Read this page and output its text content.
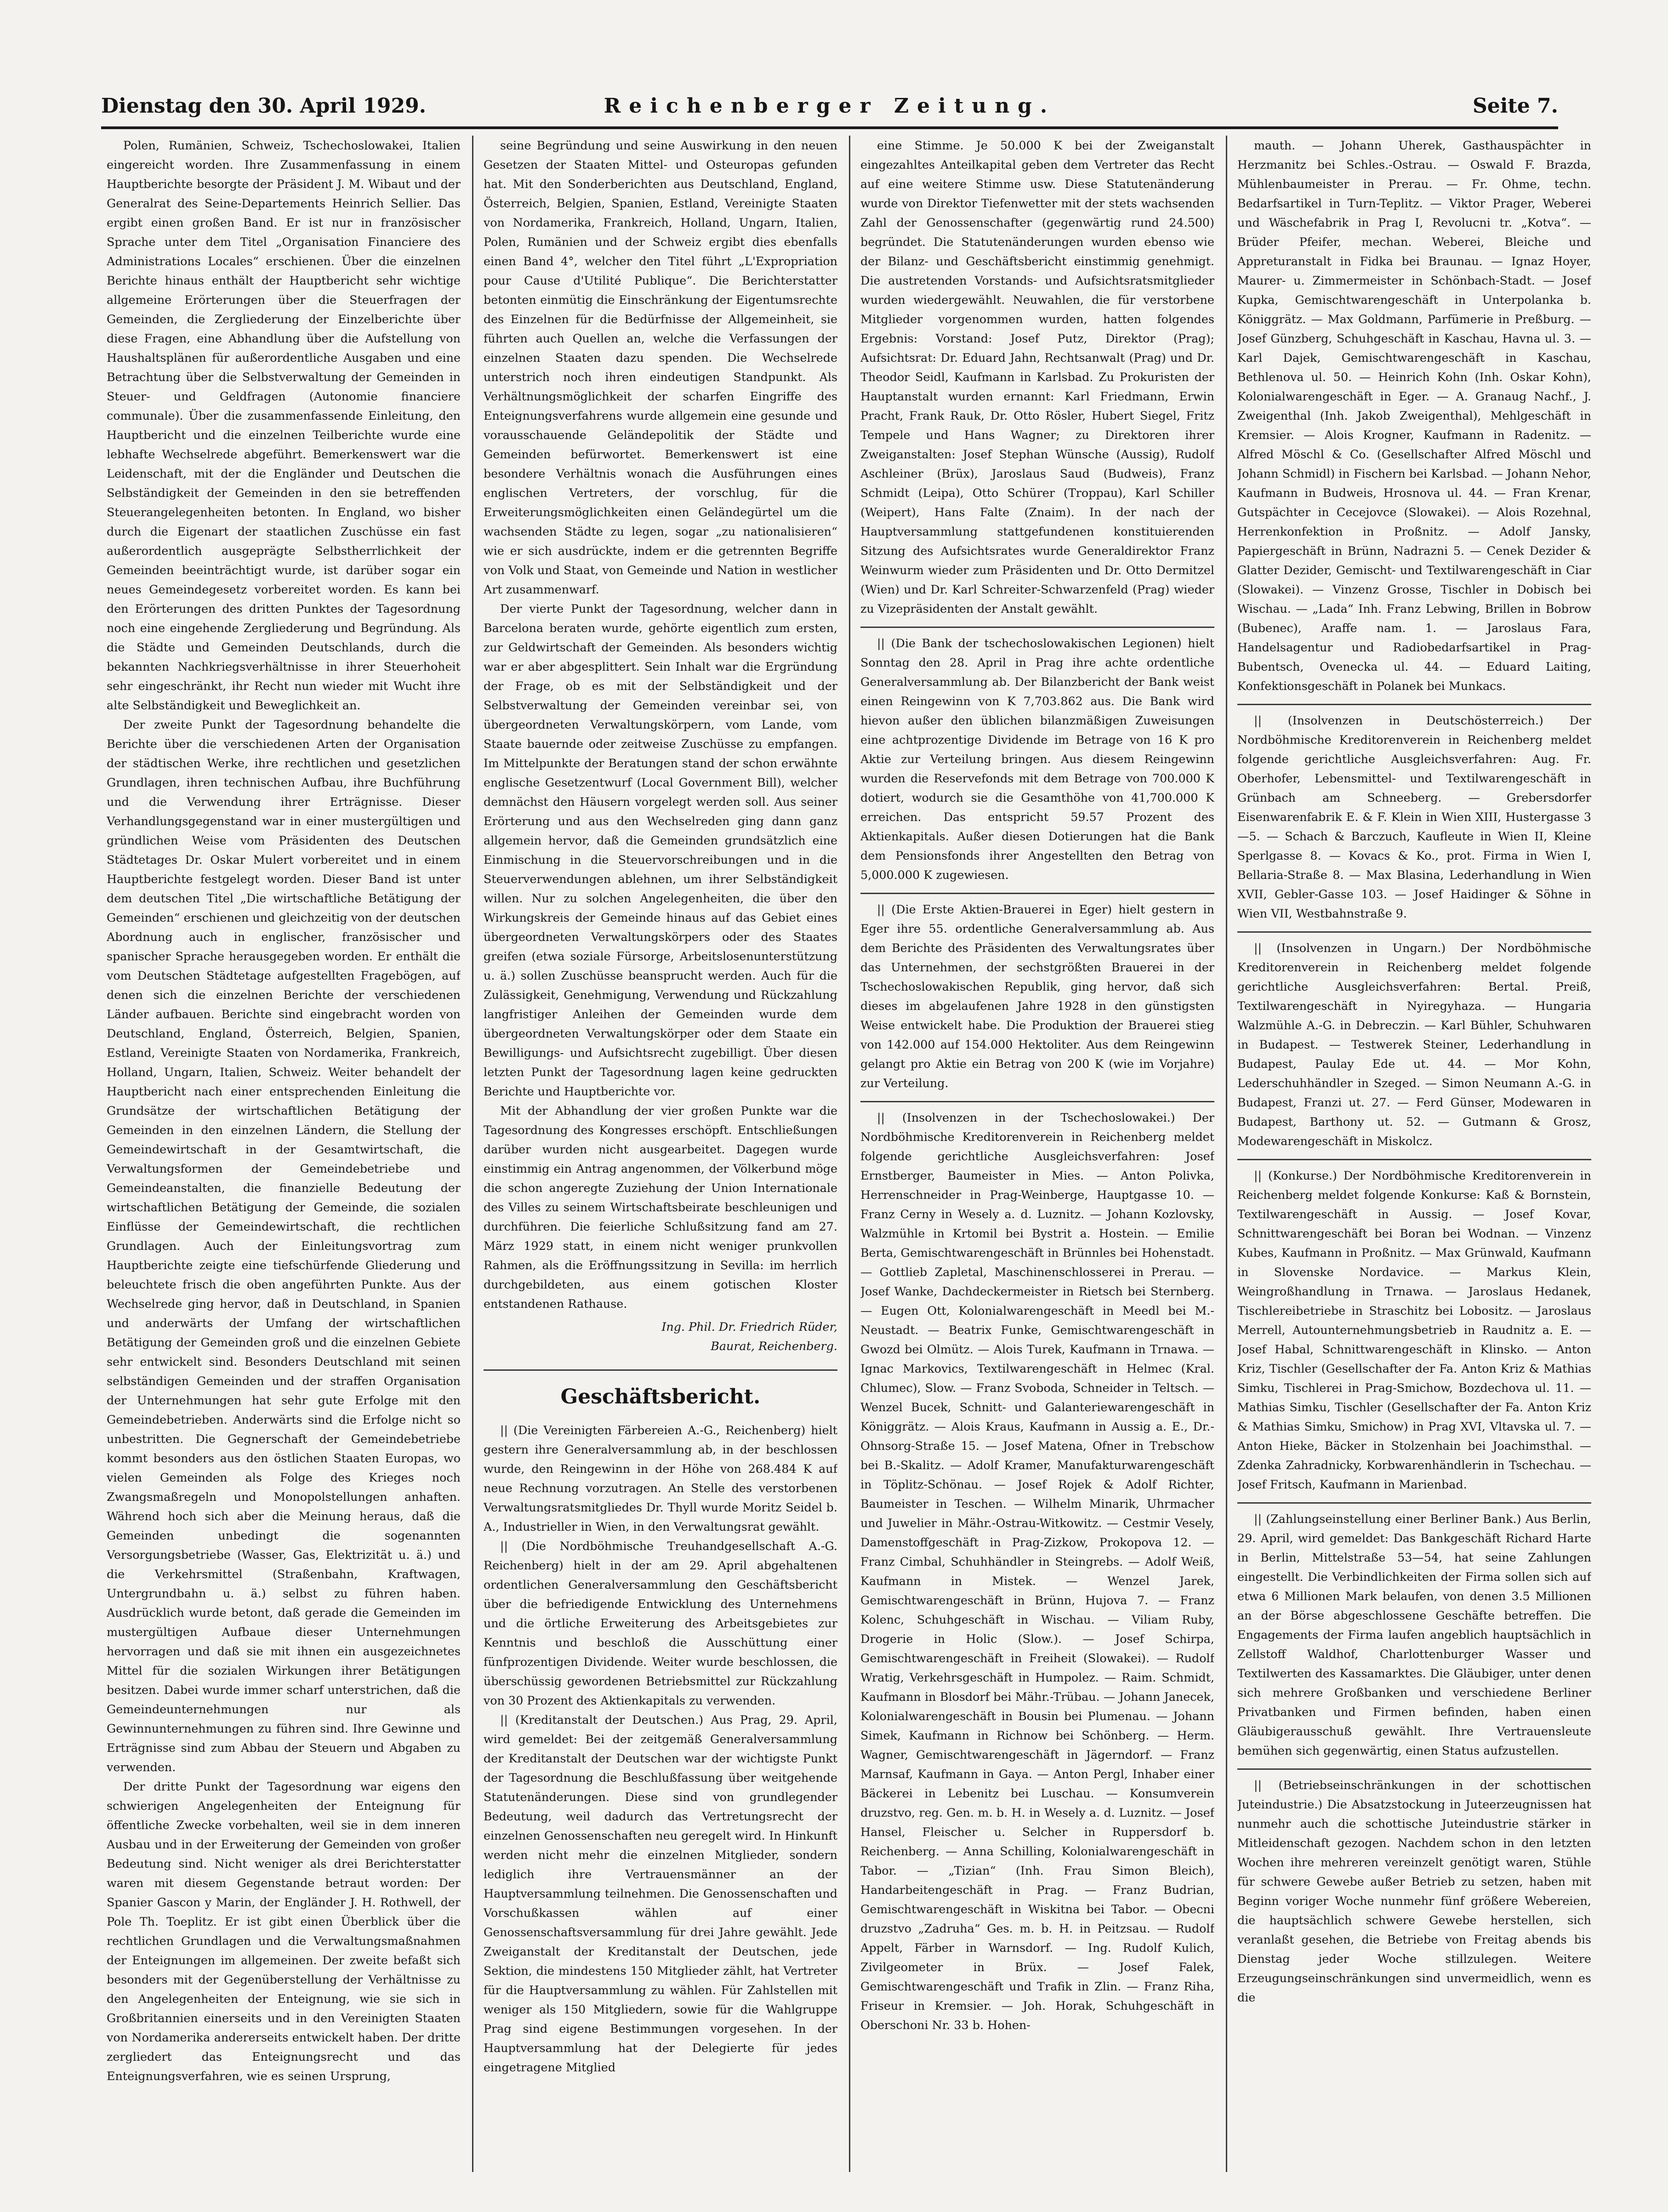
Dienstag den 30. April 1929.	Reichenberger Zeitung.	Seite 7.

Polen, Rumänien, Schweiz, Tschechoslowakei, Italien eingereicht worden. Ihre Zusammenfassung in einem Hauptberichte besorgte der Präsident J. M. Wibaut und der Generalrat des Seine-Departements Heinrich Sellier. Das ergibt einen großen Band. Er ist nur in französischer Sprache unter dem Titel „Organisation Financiere des Administrations Locales“ erschienen. Über die einzelnen Berichte hinaus enthält der Hauptbericht sehr wichtige allgemeine Erörterungen über die Steuerfragen der Gemeinden, die Zergliederung der Einzelberichte über diese Fragen, eine Abhandlung über die Aufstellung von Haushaltsplänen für außerordentliche Ausgaben und eine Betrachtung über die Selbstverwaltung der Gemeinden in Steuer- und Geldfragen (Autonomie financiere communale). Über die zusammenfassende Einleitung, den Hauptbericht und die einzelnen Teilberichte wurde eine lebhafte Wechselrede abgeführt. Bemerkenswert war die Leidenschaft, mit der die Engländer und Deutschen die Selbständigkeit der Gemeinden in den sie betreffenden Steuerangelegenheiten betonten. In England, wo bisher durch die Eigenart der staatlichen Zuschüsse ein fast außerordentlich ausgeprägte Selbstherrlichkeit der Gemeinden beeinträchtigt wurde, ist darüber sogar ein neues Gemeindegesetz vorbereitet worden. Es kann bei den Erörterungen des dritten Punktes der Tagesordnung noch eine eingehende Zergliederung und Begründung. Als die Städte und Gemeinden Deutschlands, durch die bekannten Nachkriegsverhältnisse in ihrer Steuerhoheit sehr eingeschränkt, ihr Recht nun wieder mit Wucht ihre alte Selbständigkeit und Beweglichkeit an.

Der zweite Punkt der Tagesordnung behandelte die Berichte über die verschiedenen Arten der Organisation der städtischen Werke, ihre rechtlichen und gesetzlichen Grundlagen, ihren technischen Aufbau, ihre Buchführung und die Verwendung ihrer Erträgnisse. Dieser Verhandlungsgegenstand war in einer mustergültigen und gründlichen Weise vom Präsidenten des Deutschen Städtetages Dr. Oskar Mulert vorbereitet und in einem Hauptberichte festgelegt worden. Dieser Band ist unter dem deutschen Titel „Die wirtschaftliche Betätigung der Gemeinden“ erschienen und gleichzeitig von der deutschen Abordnung auch in englischer, französischer und spanischer Sprache herausgegeben worden. Er enthält die vom Deutschen Städtetage aufgestellten Fragebögen, auf denen sich die einzelnen Berichte der verschiedenen Länder aufbauen. Berichte sind eingebracht worden von Deutschland, England, Österreich, Belgien, Spanien, Estland, Vereinigte Staaten von Nordamerika, Frankreich, Holland, Ungarn, Italien, Schweiz. Weiter behandelt der Hauptbericht nach einer entsprechenden Einleitung die Grundsätze der wirtschaftlichen Betätigung der Gemeinden in den einzelnen Ländern, die Stellung der Gemeindewirtschaft in der Gesamtwirtschaft, die Verwaltungsformen der Gemeindebetriebe und Gemeindeanstalten, die finanzielle Bedeutung der wirtschaftlichen Betätigung der Gemeinde, die sozialen Einflüsse der Gemeindewirtschaft, die rechtlichen Grundlagen. Auch der Einleitungsvortrag zum Hauptberichte zeigte eine tiefschürfende Gliederung und beleuchtete frisch die oben angeführten Punkte. Aus der Wechselrede ging hervor, daß in Deutschland, in Spanien und anderwärts der Umfang der wirtschaftlichen Betätigung der Gemeinden groß und die einzelnen Gebiete sehr entwickelt sind. Besonders Deutschland mit seinen selbständigen Gemeinden und der straffen Organisation der Unternehmungen hat sehr gute Erfolge mit den Gemeindebetrieben. Anderwärts sind die Erfolge nicht so unbestritten. Die Gegnerschaft der Gemeindebetriebe kommt besonders aus den östlichen Staaten Europas, wo vielen Gemeinden als Folge des Krieges noch Zwangsmaßregeln und Monopolstellungen anhaften. Während hoch sich aber die Meinung heraus, daß die Gemeinden unbedingt die sogenannten Versorgungsbetriebe (Wasser, Gas, Elektrizität u. ä.) und die Verkehrsmittel (Straßenbahn, Kraftwagen, Untergrundbahn u. ä.) selbst zu führen haben. Ausdrücklich wurde betont, daß gerade die Gemeinden im mustergültigen Aufbaue dieser Unternehmungen hervorragen und daß sie mit ihnen ein ausgezeichnetes Mittel für die sozialen Wirkungen ihrer Betätigungen besitzen. Dabei wurde immer scharf unterstrichen, daß die Gemeindeunternehmungen nur als Gewinnunternehmungen zu führen sind. Ihre Gewinne und Erträgnisse sind zum Abbau der Steuern und Abgaben zu verwenden.

Der dritte Punkt der Tagesordnung war eigens den schwierigen Angelegenheiten der Enteignung für öffentliche Zwecke vorbehalten, weil sie in dem inneren Ausbau und in der Erweiterung der Gemeinden von großer Bedeutung sind. Nicht weniger als drei Berichterstatter waren mit diesem Gegenstande betraut worden: Der Spanier Gascon y Marin, der Engländer J. H. Rothwell, der Pole Th. Toeplitz. Er ist gibt einen Überblick über die rechtlichen Grundlagen und die Verwaltungsmaßnahmen der Enteignungen im allgemeinen. Der zweite befaßt sich besonders mit der Gegenüberstellung der Verhältnisse zu den Angelegenheiten der Enteignung, wie sie sich in Großbritannien einerseits und in den Vereinigten Staaten von Nordamerika andererseits entwickelt haben. Der dritte zergliedert das Enteignungsrecht und das Enteignungsverfahren, wie es seinen Ursprung,

seine Begründung und seine Auswirkung in den neuen Gesetzen der Staaten Mittel- und Osteuropas gefunden hat. Mit den Sonderberichten aus Deutschland, England, Österreich, Belgien, Spanien, Estland, Vereinigte Staaten von Nordamerika, Frankreich, Holland, Ungarn, Italien, Polen, Rumänien und der Schweiz ergibt dies ebenfalls einen Band 4°, welcher den Titel führt „L'Expropriation pour Cause d'Utilité Publique“. Die Berichterstatter betonten einmütig die Einschränkung der Eigentumsrechte des Einzelnen für die Bedürfnisse der Allgemeinheit, sie führten auch Quellen an, welche die Verfassungen der einzelnen Staaten dazu spenden. Die Wechselrede unterstrich noch ihren eindeutigen Standpunkt. Als Verhältnungsmöglichkeit der scharfen Eingriffe des Enteignungsverfahrens wurde allgemein eine gesunde und vorausschauende Geländepolitik der Städte und Gemeinden befürwortet. Bemerkenswert ist eine besondere Verhältnis wonach die Ausführungen eines englischen Vertreters, der vorschlug, für die Erweiterungsmöglichkeiten einen Geländegürtel um die wachsenden Städte zu legen, sogar „zu nationalisieren“ wie er sich ausdrückte, indem er die getrennten Begriffe von Volk und Staat, von Gemeinde und Nation in westlicher Art zusammenwarf.

Der vierte Punkt der Tagesordnung, welcher dann in Barcelona beraten wurde, gehörte eigentlich zum ersten, zur Geldwirtschaft der Gemeinden. Als besonders wichtig war er aber abgesplittert. Sein Inhalt war die Ergründung der Frage, ob es mit der Selbständigkeit und der Selbstverwaltung der Gemeinden vereinbar sei, von übergeordneten Verwaltungskörpern, vom Lande, vom Staate bauernde oder zeitweise Zuschüsse zu empfangen. Im Mittelpunkte der Beratungen stand der schon erwähnte englische Gesetzentwurf (Local Government Bill), welcher demnächst den Häusern vorgelegt werden soll. Aus seiner Erörterung und aus den Wechselreden ging dann ganz allgemein hervor, daß die Gemeinden grundsätzlich eine Einmischung in die Steuervorschreibungen und in die Steuerverwendungen ablehnen, um ihrer Selbständigkeit willen. Nur zu solchen Angelegenheiten, die über den Wirkungskreis der Gemeinde hinaus auf das Gebiet eines übergeordneten Verwaltungskörpers oder des Staates greifen (etwa soziale Fürsorge, Arbeitslosenunterstützung u. ä.) sollen Zuschüsse beansprucht werden. Auch für die Zulässigkeit, Genehmigung, Verwendung und Rückzahlung langfristiger Anleihen der Gemeinden wurde dem übergeordneten Verwaltungskörper oder dem Staate ein Bewilligungs- und Aufsichtsrecht zugebilligt. Über diesen letzten Punkt der Tagesordnung lagen keine gedruckten Berichte und Hauptberichte vor.

Mit der Abhandlung der vier großen Punkte war die Tagesordnung des Kongresses erschöpft. Entschließungen darüber wurden nicht ausgearbeitet. Dagegen wurde einstimmig ein Antrag angenommen, der Völkerbund möge die schon angeregte Zuziehung der Union Internationale des Villes zu seinem Wirtschaftsbeirate beschleunigen und durchführen. Die feierliche Schlußsitzung fand am 27. März 1929 statt, in einem nicht weniger prunkvollen Rahmen, als die Eröffnungssitzung in Sevilla: im herrlich durchgebildeten, aus einem gotischen Kloster entstandenen Rathause.

Ing. Phil. Dr. Friedrich Rüder,
Baurat, Reichenberg.
Geschäftsbericht.

|| (Die Vereinigten Färbereien A.-G., Reichenberg) hielt gestern ihre Generalversammlung ab, in der beschlossen wurde, den Reingewinn in der Höhe von 268.484 K auf neue Rechnung vorzutragen. An Stelle des verstorbenen Verwaltungsratsmitgliedes Dr. Thyll wurde Moritz Seidel b. A., Industrieller in Wien, in den Verwaltungsrat gewählt.

|| (Die Nordböhmische Treuhandgesellschaft A.-G. Reichenberg) hielt in der am 29. April abgehaltenen ordentlichen Generalversammlung den Geschäftsbericht über die befriedigende Entwicklung des Unternehmens und die örtliche Erweiterung des Arbeitsgebietes zur Kenntnis und beschloß die Ausschüttung einer fünfprozentigen Dividende. Weiter wurde beschlossen, die überschüssig gewordenen Betriebsmittel zur Rückzahlung von 30 Prozent des Aktienkapitals zu verwenden.

|| (Kreditanstalt der Deutschen.) Aus Prag, 29. April, wird gemeldet: Bei der zeitgemäß Generalversammlung der Kreditanstalt der Deutschen war der wichtigste Punkt der Tagesordnung die Beschlußfassung über weitgehende Statutenänderungen. Diese sind von grundlegender Bedeutung, weil dadurch das Vertretungsrecht der einzelnen Genossenschaften neu geregelt wird. In Hinkunft werden nicht mehr die einzelnen Mitglieder, sondern lediglich ihre Vertrauensmänner an der Hauptversammlung teilnehmen. Die Genossenschaften und Vorschußkassen wählen auf einer Genossenschaftsversammlung für drei Jahre gewählt. Jede Zweiganstalt der Kreditanstalt der Deutschen, jede Sektion, die mindestens 150 Mitglieder zählt, hat Vertreter für die Hauptversammlung zu wählen. Für Zahlstellen mit weniger als 150 Mitgliedern, sowie für die Wahlgruppe Prag sind eigene Bestimmungen vorgesehen. In der Hauptversammlung hat der Delegierte für jedes eingetragene Mitglied

eine Stimme. Je 50.000 K bei der Zweiganstalt eingezahltes Anteilkapital geben dem Vertreter das Recht auf eine weitere Stimme usw. Diese Statutenänderung wurde von Direktor Tiefenwetter mit der stets wachsenden Zahl der Genossenschafter (gegenwärtig rund 24.500) begründet. Die Statutenänderungen wurden ebenso wie der Bilanz- und Geschäftsbericht einstimmig genehmigt. Die austretenden Vorstands- und Aufsichtsratsmitglieder wurden wiedergewählt. Neuwahlen, die für verstorbene Mitglieder vorgenommen wurden, hatten folgendes Ergebnis: Vorstand: Josef Putz, Direktor (Prag); Aufsichtsrat: Dr. Eduard Jahn, Rechtsanwalt (Prag) und Dr. Theodor Seidl, Kaufmann in Karlsbad. Zu Prokuristen der Hauptanstalt wurden ernannt: Karl Friedmann, Erwin Pracht, Frank Rauk, Dr. Otto Rösler, Hubert Siegel, Fritz Tempele und Hans Wagner; zu Direktoren ihrer Zweiganstalten: Josef Stephan Wünsche (Aussig), Rudolf Aschleiner (Brüx), Jaroslaus Saud (Budweis), Franz Schmidt (Leipa), Otto Schürer (Troppau), Karl Schiller (Weipert), Hans Falte (Znaim). In der nach der Hauptversammlung stattgefundenen konstituierenden Sitzung des Aufsichtsrates wurde Generaldirektor Franz Weinwurm wieder zum Präsidenten und Dr. Otto Dermitzel (Wien) und Dr. Karl Schreiter-Schwarzenfeld (Prag) wieder zu Vizepräsidenten der Anstalt gewählt.

|| (Die Bank der tschechoslowakischen Legionen) hielt Sonntag den 28. April in Prag ihre achte ordentliche Generalversammlung ab. Der Bilanzbericht der Bank weist einen Reingewinn von K 7,703.862 aus. Die Bank wird hievon außer den üblichen bilanzmäßigen Zuweisungen eine achtprozentige Dividende im Betrage von 16 K pro Aktie zur Verteilung bringen. Aus diesem Reingewinn wurden die Reservefonds mit dem Betrage von 700.000 K dotiert, wodurch sie die Gesamthöhe von 41,700.000 K erreichen. Das entspricht 59.57 Prozent des Aktienkapitals. Außer diesen Dotierungen hat die Bank dem Pensionsfonds ihrer Angestellten den Betrag von 5,000.000 K zugewiesen.

|| (Die Erste Aktien-Brauerei in Eger) hielt gestern in Eger ihre 55. ordentliche Generalversammlung ab. Aus dem Berichte des Präsidenten des Verwaltungsrates über das Unternehmen, der sechstgrößten Brauerei in der Tschechoslowakischen Republik, ging hervor, daß sich dieses im abgelaufenen Jahre 1928 in den günstigsten Weise entwickelt habe. Die Produktion der Brauerei stieg von 142.000 auf 154.000 Hektoliter. Aus dem Reingewinn gelangt pro Aktie ein Betrag von 200 K (wie im Vorjahre) zur Verteilung.

|| (Insolvenzen in der Tschechoslowakei.) Der Nordböhmische Kreditorenverein in Reichenberg meldet folgende gerichtliche Ausgleichsverfahren: Josef Ernstberger, Baumeister in Mies. — Anton Polivka, Herrenschneider in Prag-Weinberge, Hauptgasse 10. — Franz Cerny in Wesely a. d. Luznitz. — Johann Kozlovsky, Walzmühle in Krtomil bei Bystrit a. Hostein. — Emilie Berta, Gemischtwarengeschäft in Brünnles bei Hohenstadt. — Gottlieb Zapletal, Maschinenschlosserei in Prerau. — Josef Wanke, Dachdeckermeister in Rietsch bei Sternberg. — Eugen Ott, Kolonialwarengeschäft in Meedl bei M.-Neustadt. — Beatrix Funke, Gemischtwarengeschäft in Gwozd bei Olmütz. — Alois Turek, Kaufmann in Trnawa. — Ignac Markovics, Textilwarengeschäft in Helmec (Kral. Chlumec), Slow. — Franz Svoboda, Schneider in Teltsch. — Wenzel Bucek, Schnitt- und Galanteriewarengeschäft in Königgrätz. — Alois Kraus, Kaufmann in Aussig a. E., Dr.-Ohnsorg-Straße 15. — Josef Matena, Ofner in Trebschow bei B.-Skalitz. — Adolf Kramer, Manufakturwarengeschäft in Töplitz-Schönau. — Josef Rojek & Adolf Richter, Baumeister in Teschen. — Wilhelm Minarik, Uhrmacher und Juwelier in Mähr.-Ostrau-Witkowitz. — Cestmir Vesely, Damenstoffgeschäft in Prag-Zizkow, Prokopova 12. — Franz Cimbal, Schuhhändler in Steingrebs. — Adolf Weiß, Kaufmann in Mistek. — Wenzel Jarek, Gemischtwarengeschäft in Brünn, Hujova 7. — Franz Kolenc, Schuhgeschäft in Wischau. — Viliam Ruby, Drogerie in Holic (Slow.). — Josef Schirpa, Gemischtwarengeschäft in Freiheit (Slowakei). — Rudolf Wratig, Verkehrsgeschäft in Humpolez. — Raim. Schmidt, Kaufmann in Blosdorf bei Mähr.-Trübau. — Johann Janecek, Kolonialwarengeschäft in Bousin bei Plumenau. — Johann Simek, Kaufmann in Richnow bei Schönberg. — Herm. Wagner, Gemischtwarengeschäft in Jägerndorf. — Franz Marnsaf, Kaufmann in Gaya. — Anton Pergl, Inhaber einer Bäckerei in Lebenitz bei Luschau. — Konsumverein druzstvo, reg. Gen. m. b. H. in Wesely a. d. Luznitz. — Josef Hansel, Fleischer u. Selcher in Ruppersdorf b. Reichenberg. — Anna Schilling, Kolonialwarengeschäft in Tabor. — „Tizian“ (Inh. Frau Simon Bleich), Handarbeitengeschäft in Prag. — Franz Budrian, Gemischtwarengeschäft in Wiskitna bei Tabor. — Obecni druzstvo „Zadruha“ Ges. m. b. H. in Peitzsau. — Rudolf Appelt, Färber in Warnsdorf. — Ing. Rudolf Kulich, Zivilgeometer in Brüx. — Josef Falek, Gemischtwarengeschäft und Trafik in Zlin. — Franz Riha, Friseur in Kremsier. — Joh. Horak, Schuhgeschäft in Oberschoni Nr. 33 b. Hohen-

mauth. — Johann Uherek, Gasthauspächter in Herzmanitz bei Schles.-Ostrau. — Oswald F. Brazda, Mühlenbaumeister in Prerau. — Fr. Ohme, techn. Bedarfsartikel in Turn-Teplitz. — Viktor Prager, Weberei und Wäschefabrik in Prag I, Revolucni tr. „Kotva“. — Brüder Pfeifer, mechan. Weberei, Bleiche und Appreturanstalt in Fidka bei Braunau. — Ignaz Hoyer, Maurer- u. Zimmermeister in Schönbach-Stadt. — Josef Kupka, Gemischtwarengeschäft in Unterpolanka b. Königgrätz. — Max Goldmann, Parfümerie in Preßburg. — Josef Günzberg, Schuhgeschäft in Kaschau, Havna ul. 3. — Karl Dajek, Gemischtwarengeschäft in Kaschau, Bethlenova ul. 50. — Heinrich Kohn (Inh. Oskar Kohn), Kolonialwarengeschäft in Eger. — A. Granaug Nachf., J. Zweigenthal (Inh. Jakob Zweigenthal), Mehlgeschäft in Kremsier. — Alois Krogner, Kaufmann in Radenitz. — Alfred Möschl & Co. (Gesellschafter Alfred Möschl und Johann Schmidl) in Fischern bei Karlsbad. — Johann Nehor, Kaufmann in Budweis, Hrosnova ul. 44. — Fran Krenar, Gutspächter in Cecejovce (Slowakei). — Alois Rozehnal, Herrenkonfektion in Proßnitz. — Adolf Jansky, Papiergeschäft in Brünn, Nadrazni 5. — Cenek Dezider & Glatter Dezider, Gemischt- und Textilwarengeschäft in Ciar (Slowakei). — Vinzenz Grosse, Tischler in Dobisch bei Wischau. — „Lada“ Inh. Franz Lebwing, Brillen in Bobrow (Bubenec), Araffe nam. 1. — Jaroslaus Fara, Handelsagentur und Radiobedarfsartikel in Prag-Bubentsch, Ovenecka ul. 44. — Eduard Laiting, Konfektionsgeschäft in Polanek bei Munkacs.

|| (Insolvenzen in Deutschösterreich.) Der Nordböhmische Kreditorenverein in Reichenberg meldet folgende gerichtliche Ausgleichsverfahren: Aug. Fr. Oberhofer, Lebensmittel- und Textilwarengeschäft in Grünbach am Schneeberg. — Grebersdorfer Eisenwarenfabrik E. & F. Klein in Wien XIII, Hustergasse 3—5. — Schach & Barczuch, Kaufleute in Wien II, Kleine Sperlgasse 8. — Kovacs & Ko., prot. Firma in Wien I, Bellaria-Straße 8. — Max Blasina, Lederhandlung in Wien XVII, Gebler-Gasse 103. — Josef Haidinger & Söhne in Wien VII, Westbahnstraße 9.

|| (Insolvenzen in Ungarn.) Der Nordböhmische Kreditorenverein in Reichenberg meldet folgende gerichtliche Ausgleichsverfahren: Bertal. Preiß, Textilwarengeschäft in Nyiregyhaza. — Hungaria Walzmühle A.-G. in Debreczin. — Karl Bühler, Schuhwaren in Budapest. — Testwerek Steiner, Lederhandlung in Budapest, Paulay Ede ut. 44. — Mor Kohn, Lederschuhhändler in Szeged. — Simon Neumann A.-G. in Budapest, Franzi ut. 27. — Ferd Günser, Modewaren in Budapest, Barthony ut. 52. — Gutmann & Grosz, Modewarengeschäft in Miskolcz.

|| (Konkurse.) Der Nordböhmische Kreditorenverein in Reichenberg meldet folgende Konkurse: Kaß & Bornstein, Textilwarengeschäft in Aussig. — Josef Kovar, Schnittwarengeschäft bei Boran bei Wodnan. — Vinzenz Kubes, Kaufmann in Proßnitz. — Max Grünwald, Kaufmann in Slovenske Nordavice. — Markus Klein, Weingroßhandlung in Trnawa. — Jaroslaus Hedanek, Tischlereibetriebe in Straschitz bei Lobositz. — Jaroslaus Merrell, Autounternehmungsbetrieb in Raudnitz a. E. — Josef Habal, Schnittwarengeschäft in Klinsko. — Anton Kriz, Tischler (Gesellschafter der Fa. Anton Kriz & Mathias Simku, Tischlerei in Prag-Smichow, Bozdechova ul. 11. — Mathias Simku, Tischler (Gesellschafter der Fa. Anton Kriz & Mathias Simku, Smichow) in Prag XVI, Vltavska ul. 7. — Anton Hieke, Bäcker in Stolzenhain bei Joachimsthal. — Zdenka Zahradnicky, Korbwarenhändlerin in Tschechau. — Josef Fritsch, Kaufmann in Marienbad.

|| (Zahlungseinstellung einer Berliner Bank.) Aus Berlin, 29. April, wird gemeldet: Das Bankgeschäft Richard Harte in Berlin, Mittelstraße 53—54, hat seine Zahlungen eingestellt. Die Verbindlichkeiten der Firma sollen sich auf etwa 6 Millionen Mark belaufen, von denen 3.5 Millionen an der Börse abgeschlossene Geschäfte betreffen. Die Engagements der Firma laufen angeblich hauptsächlich in Zellstoff Waldhof, Charlottenburger Wasser und Textilwerten des Kassamarktes. Die Gläubiger, unter denen sich mehrere Großbanken und verschiedene Berliner Privatbanken und Firmen befinden, haben einen Gläubigerausschuß gewählt. Ihre Vertrauensleute bemühen sich gegenwärtig, einen Status aufzustellen.

|| (Betriebseinschränkungen in der schottischen Juteindustrie.) Die Absatzstockung in Juteerzeugnissen hat nunmehr auch die schottische Juteindustrie stärker in Mitleidenschaft gezogen. Nachdem schon in den letzten Wochen ihre mehreren vereinzelt genötigt waren, Stühle für schwere Gewebe außer Betrieb zu setzen, haben mit Beginn voriger Woche nunmehr fünf größere Webereien, die hauptsächlich schwere Gewebe herstellen, sich veranlaßt gesehen, die Betriebe von Freitag abends bis Dienstag jeder Woche stillzulegen. Weitere Erzeugungseinschränkungen sind unvermeidlich, wenn es die
